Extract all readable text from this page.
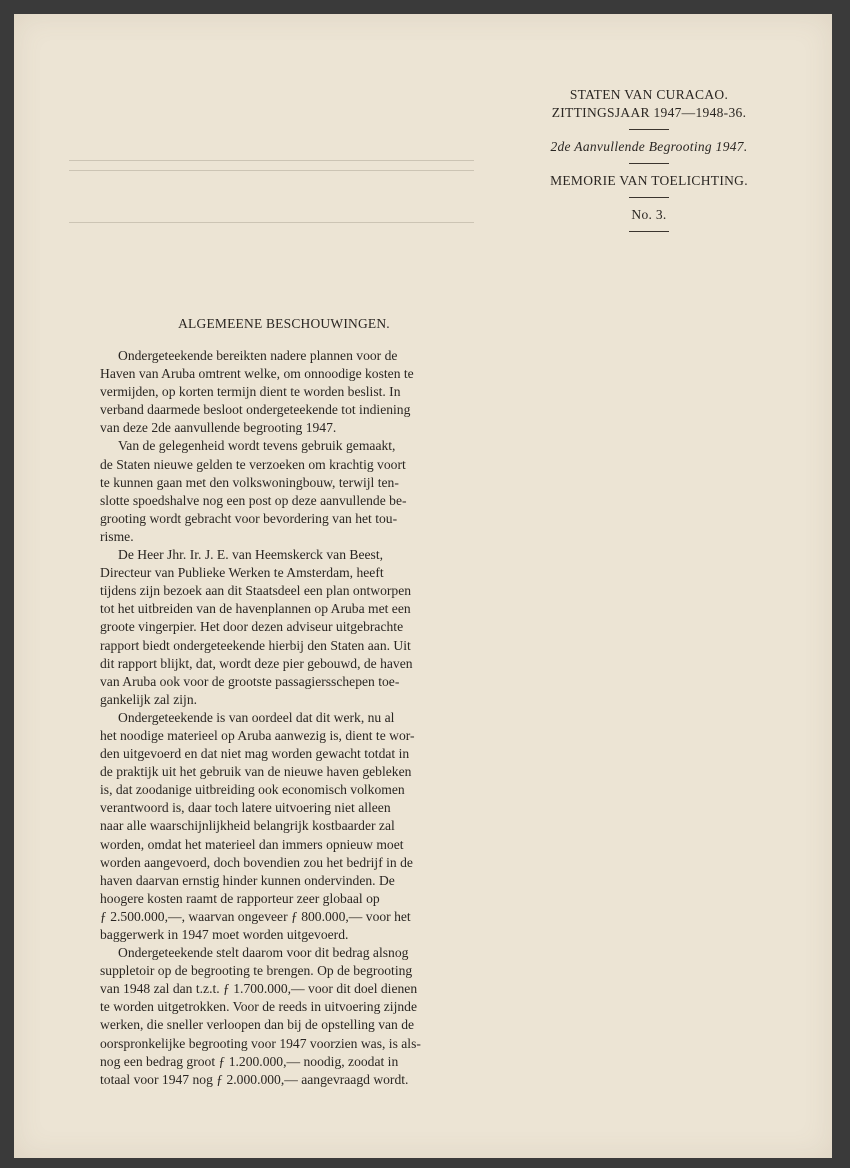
STATEN VAN CURACAO.
ZITTINGSJAAR 1947—1948-36.
2de Aanvullende Begrooting 1947.
MEMORIE VAN TOELICHTING.
No. 3.
ALGEMEENE BESCHOUWINGEN.

Ondergeteekende bereikten nadere plannen voor de
Haven van Aruba omtrent welke, om onnoodige kosten te
vermijden, op korten termijn dient te worden beslist. In
verband daarmede besloot ondergeteekende tot indiening
van deze 2de aanvullende begrooting 1947.

Van de gelegenheid wordt tevens gebruik gemaakt,
de Staten nieuwe gelden te verzoeken om krachtig voort
te kunnen gaan met den volkswoningbouw, terwijl ten-
slotte spoedshalve nog een post op deze aanvullende be-
grooting wordt gebracht voor bevordering van het tou-
risme.

De Heer Jhr. Ir. J. E. van Heemskerck van Beest,
Directeur van Publieke Werken te Amsterdam, heeft
tijdens zijn bezoek aan dit Staatsdeel een plan ontworpen
tot het uitbreiden van de havenplannen op Aruba met een
groote vingerpier. Het door dezen adviseur uitgebrachte
rapport biedt ondergeteekende hierbij den Staten aan. Uit
dit rapport blijkt, dat, wordt deze pier gebouwd, de haven
van Aruba ook voor de grootste passagiersschepen toe-
gankelijk zal zijn.

Ondergeteekende is van oordeel dat dit werk, nu al
het noodige materieel op Aruba aanwezig is, dient te wor-
den uitgevoerd en dat niet mag worden gewacht totdat in
de praktijk uit het gebruik van de nieuwe haven gebleken
is, dat zoodanige uitbreiding ook economisch volkomen
verantwoord is, daar toch latere uitvoering niet alleen
naar alle waarschijnlijkheid belangrijk kostbaarder zal
worden, omdat het materieel dan immers opnieuw moet
worden aangevoerd, doch bovendien zou het bedrijf in de
haven daarvan ernstig hinder kunnen ondervinden. De
hoogere kosten raamt de rapporteur zeer globaal op
ƒ 2.500.000,—, waarvan ongeveer ƒ 800.000,— voor het
baggerwerk in 1947 moet worden uitgevoerd.

Ondergeteekende stelt daarom voor dit bedrag alsnog
suppletoir op de begrooting te brengen. Op de begrooting
van 1948 zal dan t.z.t. ƒ 1.700.000,— voor dit doel dienen
te worden uitgetrokken. Voor de reeds in uitvoering zijnde
werken, die sneller verloopen dan bij de opstelling van de
oorspronkelijke begrooting voor 1947 voorzien was, is als-
nog een bedrag groot ƒ 1.200.000,— noodig, zoodat in
totaal voor 1947 nog ƒ 2.000.000,— aangevraagd wordt.
